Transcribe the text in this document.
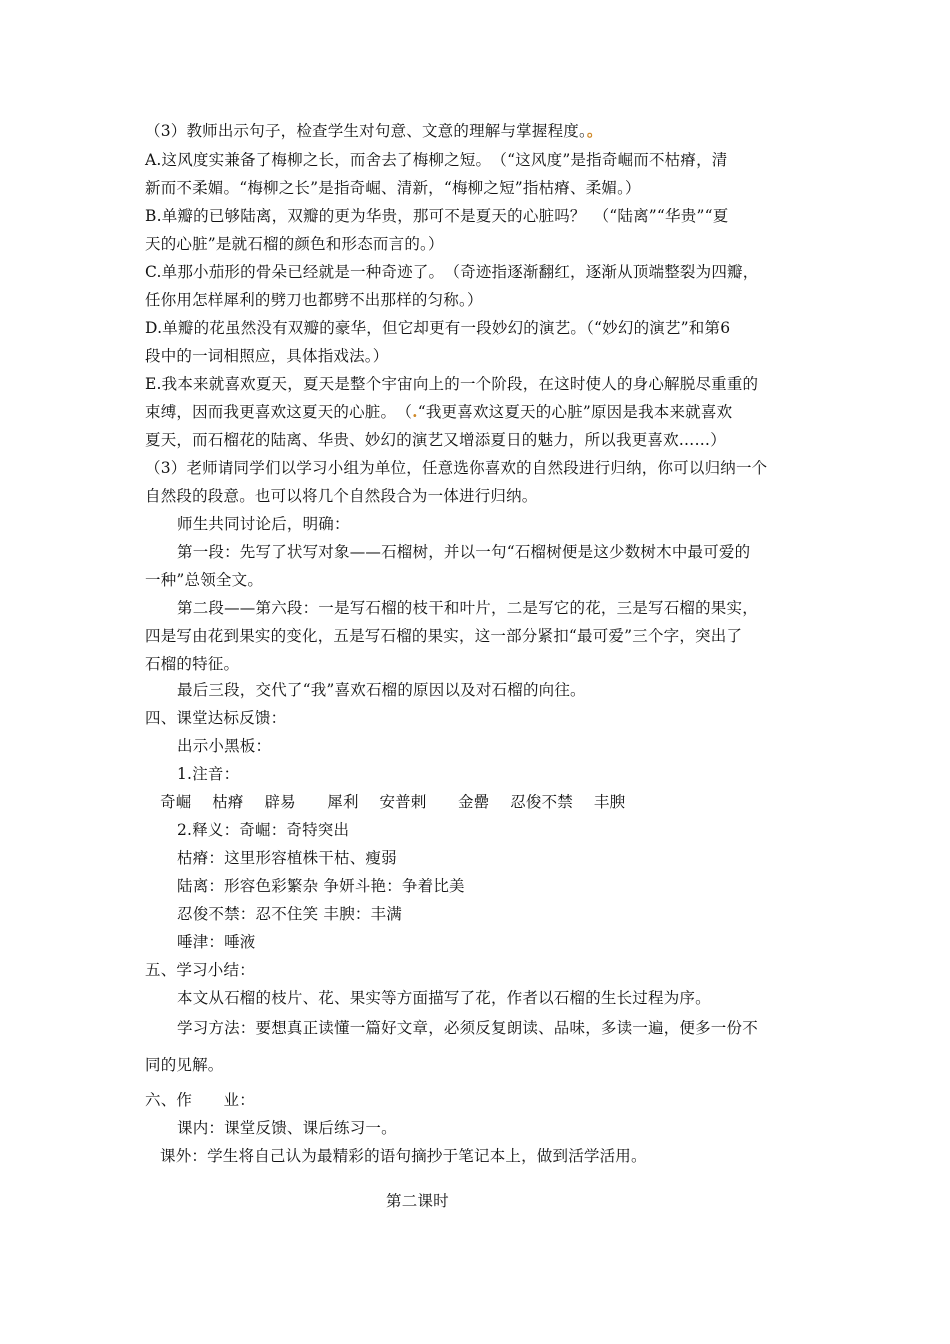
（3）教师出示句子，检查学生对句意、文意的理解与掌握程度。。
A.这风度实兼备了梅柳之长，而舍去了梅柳之短。　（“这风度”是指奇崛而不枯瘠，清
新而不柔媚。“梅柳之长”是指奇崛、清新，“梅柳之短”指枯瘠、柔媚。）
B.单瓣的已够陆离，双瓣的更为华贵，那可不是夏天的心脏吗？　（“陆离”“华贵”“夏
天的心脏”是就石榴的颜色和形态而言的。）
C.单那小茄形的骨朵已经就是一种奇迹了。　（奇迹指逐渐翻红，逐渐从顶端整裂为四瓣，
任你用怎样犀利的劈刀也都劈不出那样的匀称。）
D.单瓣的花虽然没有双瓣的豪华，但它却更有一段妙幻的演艺。（“妙幻的演艺”和第6
段中的一词相照应，具体指戏法。）
E.我本来就喜欢夏天，夏天是整个宇宙向上的一个阶段，在这时使人的身心解脱尽重重的
束缚，因而我更喜欢这夏天的心脏。　（.“我更喜欢这夏天的心脏”原因是我本来就喜欢
夏天，而石榴花的陆离、华贵、妙幻的演艺又增添夏日的魅力，所以我更喜欢……）
（3）老师请同学们以学习小组为单位，任意选你喜欢的自然段进行归纳，你可以归纳一个
自然段的段意。也可以将几个自然段合为一体进行归纳。
师生共同讨论后，明确：
第一段：先写了状写对象——石榴树，并以一句“石榴树便是这少数树木中最可爱的
一种”总领全文。
第二段——第六段：一是写石榴的枝干和叶片，二是写它的花，三是写石榴的果实，
四是写由花到果实的变化，五是写石榴的果实，这一部分紧扣“最可爱”三个字，突出了
石榴的特征。
最后三段，交代了“我”喜欢石榴的原因以及对石榴的向往。
四、课堂达标反馈：
出示小黑板：
1.注音：
奇崛　 枯瘠　 辟易　　犀利　 安普剌　　金罍　 忍俊不禁　 丰腴
2.释义：奇崛：奇特突出
枯瘠：这里形容植株干枯、瘦弱
陆离：形容色彩繁杂 争妍斗艳：争着比美
忍俊不禁：忍不住笑 丰腴：丰满
唾津：唾液
五、学习小结：
本文从石榴的枝片、花、果实等方面描写了花，作者以石榴的生长过程为序。
学习方法：要想真正读懂一篇好文章，必须反复朗读、品味，多读一遍，便多一份不
同的见解。
六、作　　业：
课内：课堂反馈、课后练习一。
课外：学生将自己认为最精彩的语句摘抄于笔记本上，做到活学活用。
第二课时
